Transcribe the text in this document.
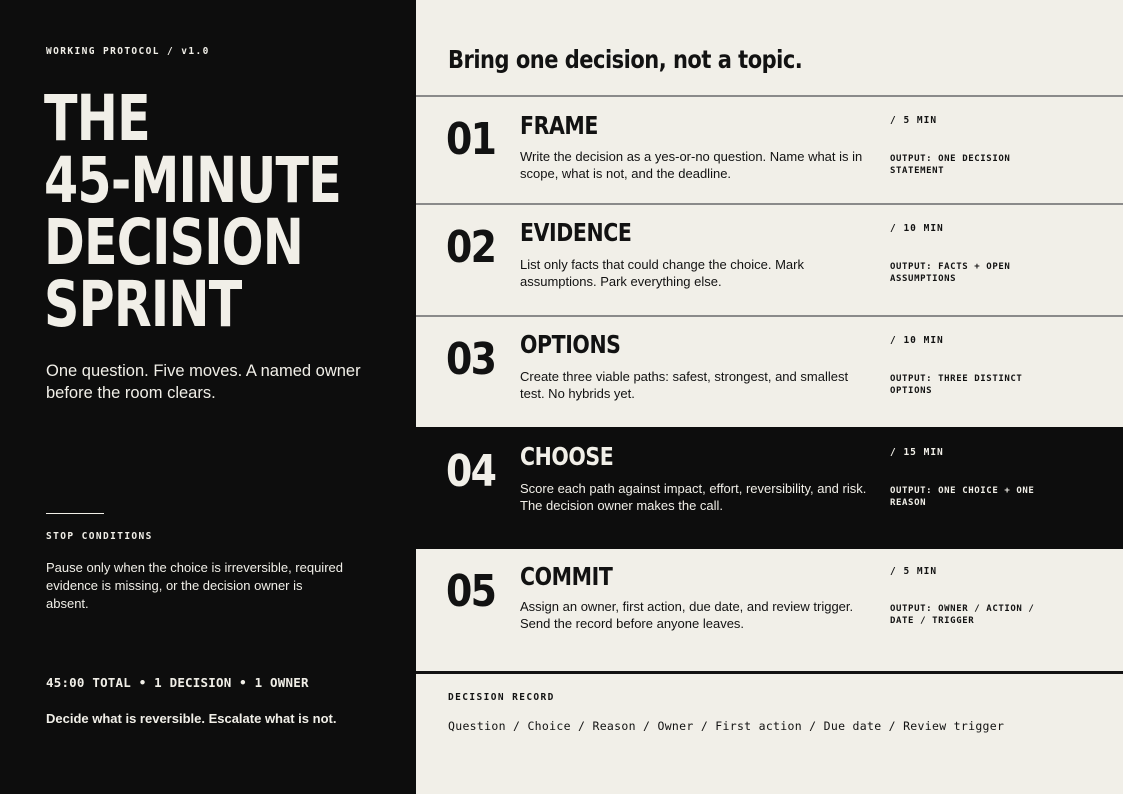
WORKING PROTOCOL / v1.0
THE
45-MINUTE
DECISION
SPRINT

One question. Five moves. A named owner before the room clears.

STOP CONDITIONS

Pause only when the choice is irreversible, required evidence is missing, or the decision owner is absent.

45:00 TOTAL • 1 DECISION • 1 OWNER

Decide what is reversible. Escalate what is not.

Bring one decision, not a topic.
01 FRAME

Write the decision as a yes-or-no question. Name what is in scope, what is not, and the deadline.

/ 5 MIN
OUTPUT: ONE DECISION STATEMENT
02 EVIDENCE

List only facts that could change the choice. Mark assumptions. Park everything else.

/ 10 MIN
OUTPUT: FACTS + OPEN ASSUMPTIONS
03 OPTIONS

Create three viable paths: safest, strongest, and smallest test. No hybrids yet.

/ 10 MIN
OUTPUT: THREE DISTINCT OPTIONS
04 CHOOSE

Score each path against impact, effort, reversibility, and risk. The decision owner makes the call.

/ 15 MIN
OUTPUT: ONE CHOICE + ONE REASON
05 COMMIT

Assign an owner, first action, due date, and review trigger. Send the record before anyone leaves.

/ 5 MIN
OUTPUT: OWNER / ACTION / DATE / TRIGGER
DECISION RECORD
Question / Choice / Reason / Owner / First action / Due date / Review trigger
